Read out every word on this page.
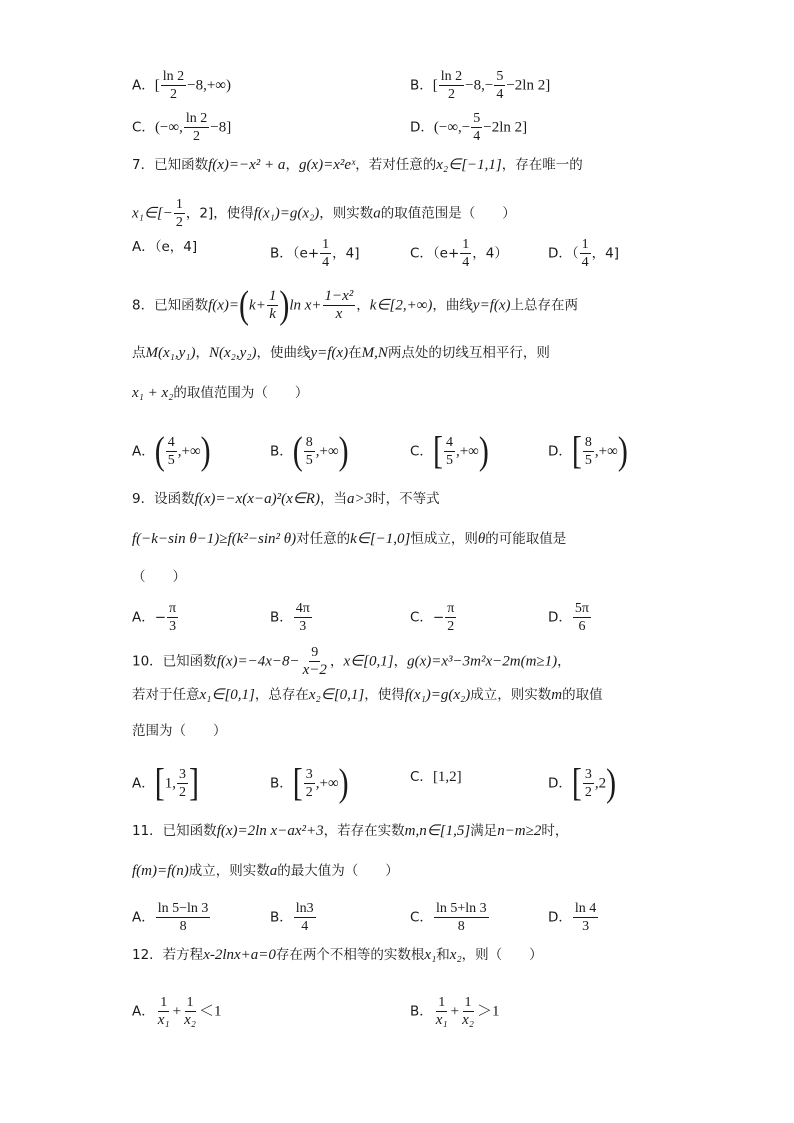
A．[ $\frac{\ln 2}{2} -8,+\infty$)	B．[ $\frac{\ln 2}{2} -8,- \frac{5}{4} -2\ln$ 2]
C．(−∞, $\frac{\ln 2}{2} -8$]	D．(−∞,− $\frac{5}{4} -2\ln$ 2]
7．已知函数f(x)=−x² + a，g(x)=x²eˣ，若对任意的x₂∈[−1,1]，存在唯一的
x₁∈[− $\frac{1}{2}$ ，2]，使得f(x₁)=g(x₂)，则实数a的取值范围是（　　）
A．（e，4]	B．（$e+ \frac{1}{4}$ ，4]	C．（$e+ \frac{1}{4}$ ，4）	D．（ $\frac{1}{4}$ ，4]
8．已知函数$f(x)=(k+ \frac{1}{k} )\ln$ $x+ \frac{\text{1−x²}}{x}$ ，k∈[2,+∞)，曲线y=f(x)上总存在两
点M(x₁,y₁)，N(x₂,y₂)，使曲线y=f(x)在M,N两点处的切线互相平行，则
x₁ + x₂的取值范围为（　　）
A．( $\frac{4}{5}$ ,+∞)	B．( $\frac{8}{5}$ ,+∞)	C．[ $\frac{4}{5}$ ,+∞)	D．[ $\frac{8}{5}$ ,+∞)
9．设函数f(x)=−x(x−a)²(x∈R)，当a>3时，不等式
f(−k−sin θ−1)≥f(k²−sin² θ)对任意的k∈[−1,0]恒成立，则θ的可能取值是
（　　）
A．− $\frac{\pi}{3}$	B． $\frac{4\pi}{3}$	C．− $\frac{\pi}{2}$	D． $\frac{5\pi}{6}$
10．已知函数$f(x)=-4x-8- \frac{9}{x-2}$ ，x∈[0,1]，g(x)=x³−3m²x−2m(m≥1)，
若对于任意x₁∈[0,1]，总存在x₂∈[0,1]，使得f(x₁)=g(x₂)成立，则实数m的取值
范围为（　　）
A．[1, $\frac{3}{2}$ ]	B．[ $\frac{3}{2}$ ,+∞)	C．[1,2]	D．[ $\frac{3}{2} ,2$)
11．已知函数f(x)=2ln x−ax²+3，若存在实数m,n∈[1,5]满足n−m≥2时，
f(m)=f(n)成立，则实数a的最大值为（　　）
A． $\frac{\ln 5-\ln 3}{8}$	B． $\frac{\ln 3}{4}$	C． $\frac{\ln 5+\ln 3}{8}$	D． $\frac{\ln 4}{3}$
12．若方程x-2lnx+a=0存在两个不相等的实数根x₁和x₂，则（　　）
A． $\frac{1}{\text{x₁}} + \frac{1}{\text{x₂}} <1$	B． $\frac{1}{\text{x₁}} + \frac{1}{\text{x₂}} >1$
